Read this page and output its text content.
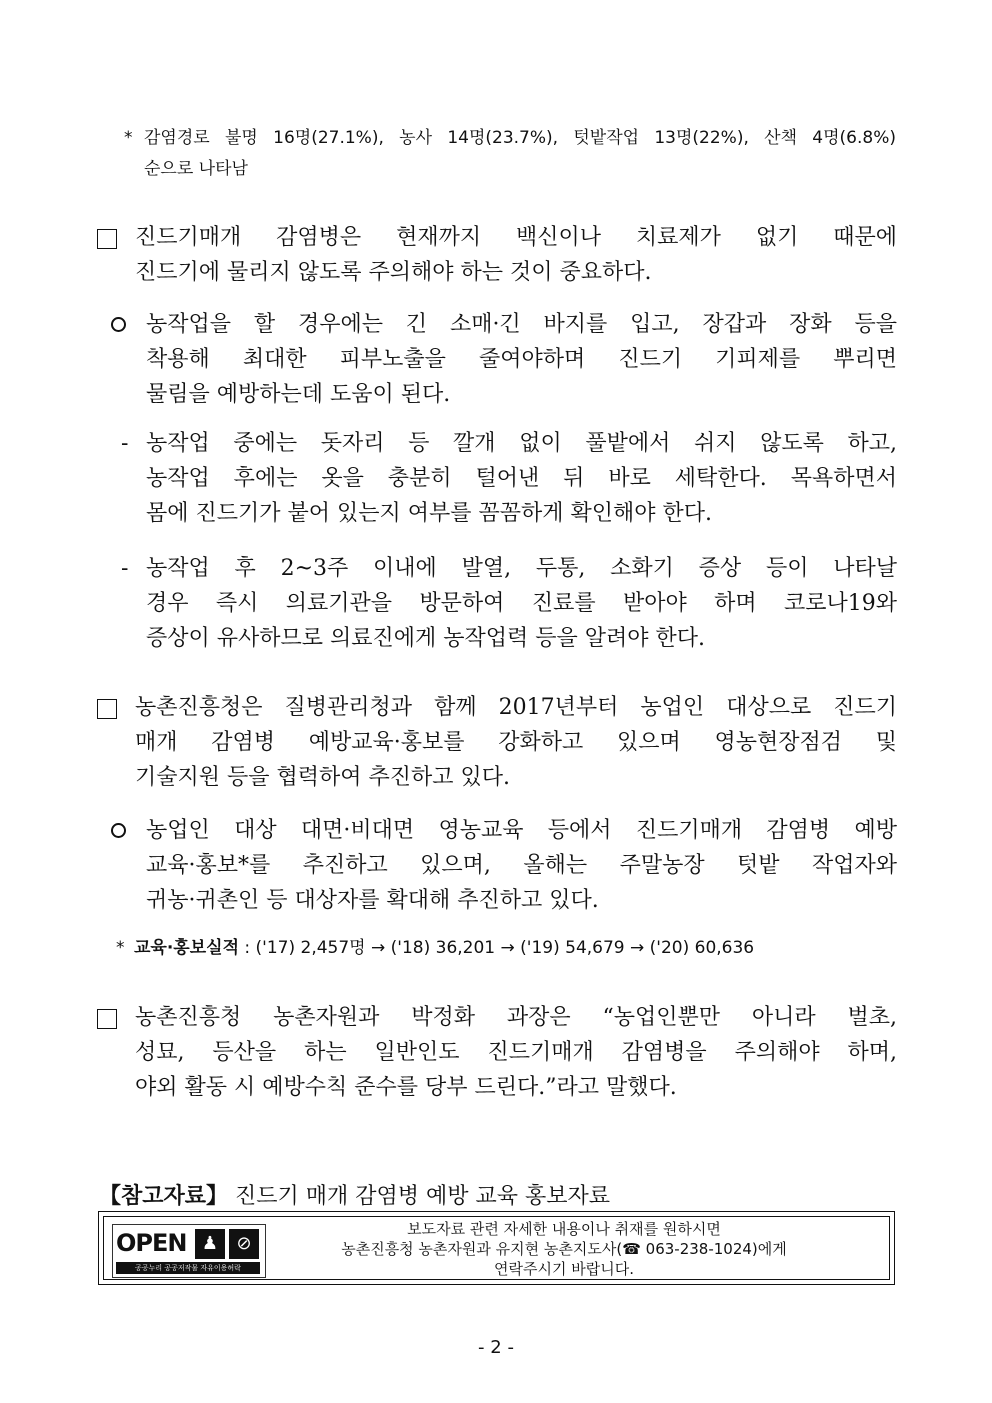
* 감염경로 불명 16명(27.1%), 농사 14명(23.7%), 텃밭작업 13명(22%), 산책 4명(6.8%)
순으로 나타남
진드기매개 감염병은 현재까지 백신이나 치료제가 없기 때문에
진드기에 물리지 않도록 주의해야 하는 것이 중요하다.
농작업을 할 경우에는 긴 소매·긴 바지를 입고, 장갑과 장화 등을
착용해 최대한 피부노출을 줄여야하며 진드기 기피제를 뿌리면
물림을 예방하는데 도움이 된다.
- 농작업 중에는 돗자리 등 깔개 없이 풀밭에서 쉬지 않도록 하고,
농작업 후에는 옷을 충분히 털어낸 뒤 바로 세탁한다. 목욕하면서
몸에 진드기가 붙어 있는지 여부를 꼼꼼하게 확인해야 한다.
- 농작업 후 2~3주 이내에 발열, 두통, 소화기 증상 등이 나타날
경우 즉시 의료기관을 방문하여 진료를 받아야 하며 코로나19와
증상이 유사하므로 의료진에게 농작업력 등을 알려야 한다.
농촌진흥청은 질병관리청과 함께 2017년부터 농업인 대상으로 진드기
매개 감염병 예방교육·홍보를 강화하고 있으며 영농현장점검 및
기술지원 등을 협력하여 추진하고 있다.
농업인 대상 대면·비대면 영농교육 등에서 진드기매개 감염병 예방
교육·홍보*를 추진하고 있으며, 올해는 주말농장 텃밭 작업자와
귀농·귀촌인 등 대상자를 확대해 추진하고 있다.
* 교육·홍보실적 : ('17) 2,457명 → ('18) 36,201 → ('19) 54,679 → ('20) 60,636
농촌진흥청 농촌자원과 박정화 과장은 “농업인뿐만 아니라 벌초,
성묘, 등산을 하는 일반인도 진드기매개 감염병을 주의해야 하며,
야외 활동 시 예방수칙 준수를 당부 드린다.”라고 말했다.
【참고자료】 진드기 매개 감염병 예방 교육 홍보자료
OPEN ♟	⊘
공공누리 공공저작물 자유이용허락
보도자료 관련 자세한 내용이나 취재를 원하시면
농촌진흥청 농촌자원과 유지현 농촌지도사(☎ 063-238-1024)에게
연락주시기 바랍니다.
- 2 -
